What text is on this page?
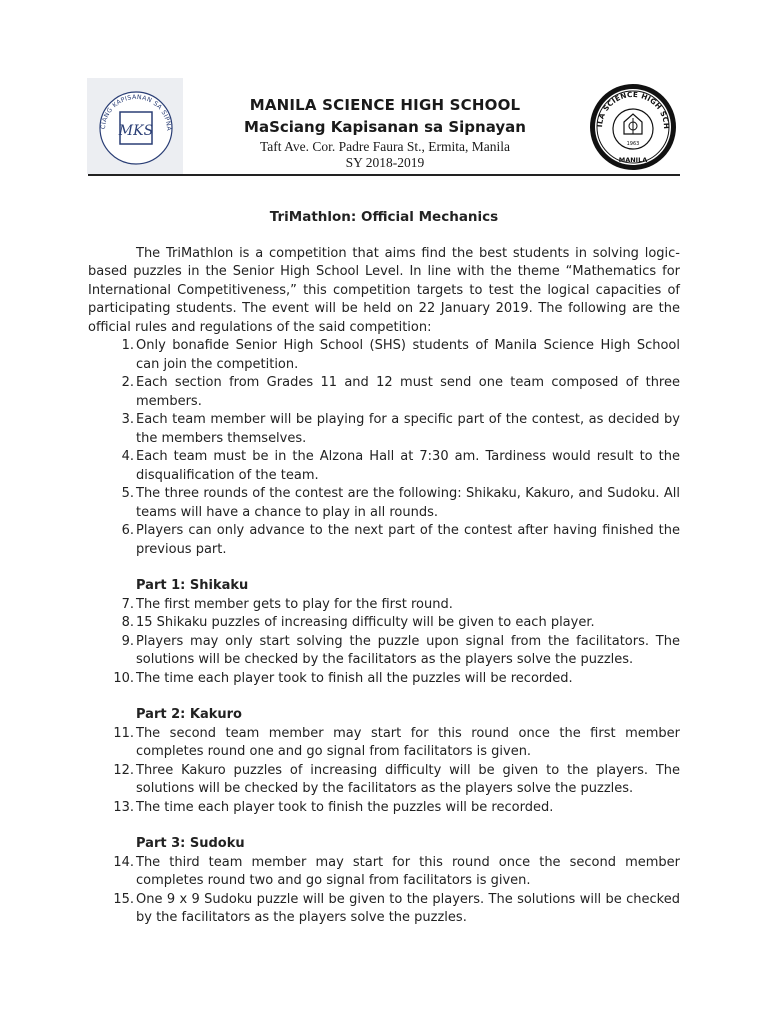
CIANG KAPISANAN SA SIPNA
MKS
MANILA SCIENCE HIGH SCHOOL
MaSciang Kapisanan sa Sipnayan
Taft Ave. Cor. Padre Faura St., Ermita, Manila
SY 2018-2019
ILA SCIENCE HIGH SCH
1963
MANILA
TriMathlon: Official Mechanics

The TriMathlon is a competition that aims find the best students in solving logic-based puzzles in the Senior High School Level. In line with the theme “Mathematics for International Competitiveness,” this competition targets to test the logical capacities of participating students. The event will be held on 22 January 2019. The following are the official rules and regulations of the said competition:

1. Only bonafide Senior High School (SHS) students of Manila Science High School can join the competition.
2. Each section from Grades 11 and 12 must send one team composed of three members.
3. Each team member will be playing for a specific part of the contest, as decided by the members themselves.
4. Each team must be in the Alzona Hall at 7:30 am. Tardiness would result to the disqualification of the team.
5. The three rounds of the contest are the following: Shikaku, Kakuro, and Sudoku. All teams will have a chance to play in all rounds.
6. Players can only advance to the next part of the contest after having finished the previous part.
Part 1: Shikaku
7. The first member gets to play for the first round.
8. 15 Shikaku puzzles of increasing difficulty will be given to each player.
9. Players may only start solving the puzzle upon signal from the facilitators. The solutions will be checked by the facilitators as the players solve the puzzles.
10. The time each player took to finish all the puzzles will be recorded.
Part 2: Kakuro
11. The second team member may start for this round once the first member completes round one and go signal from facilitators is given.
12. Three Kakuro puzzles of increasing difficulty will be given to the players. The solutions will be checked by the facilitators as the players solve the puzzles.
13. The time each player took to finish the puzzles will be recorded.
Part 3: Sudoku
14. The third team member may start for this round once the second member completes round two and go signal from facilitators is given.
15. One 9 x 9 Sudoku puzzle will be given to the players. The solutions will be checked by the facilitators as the players solve the puzzles.
